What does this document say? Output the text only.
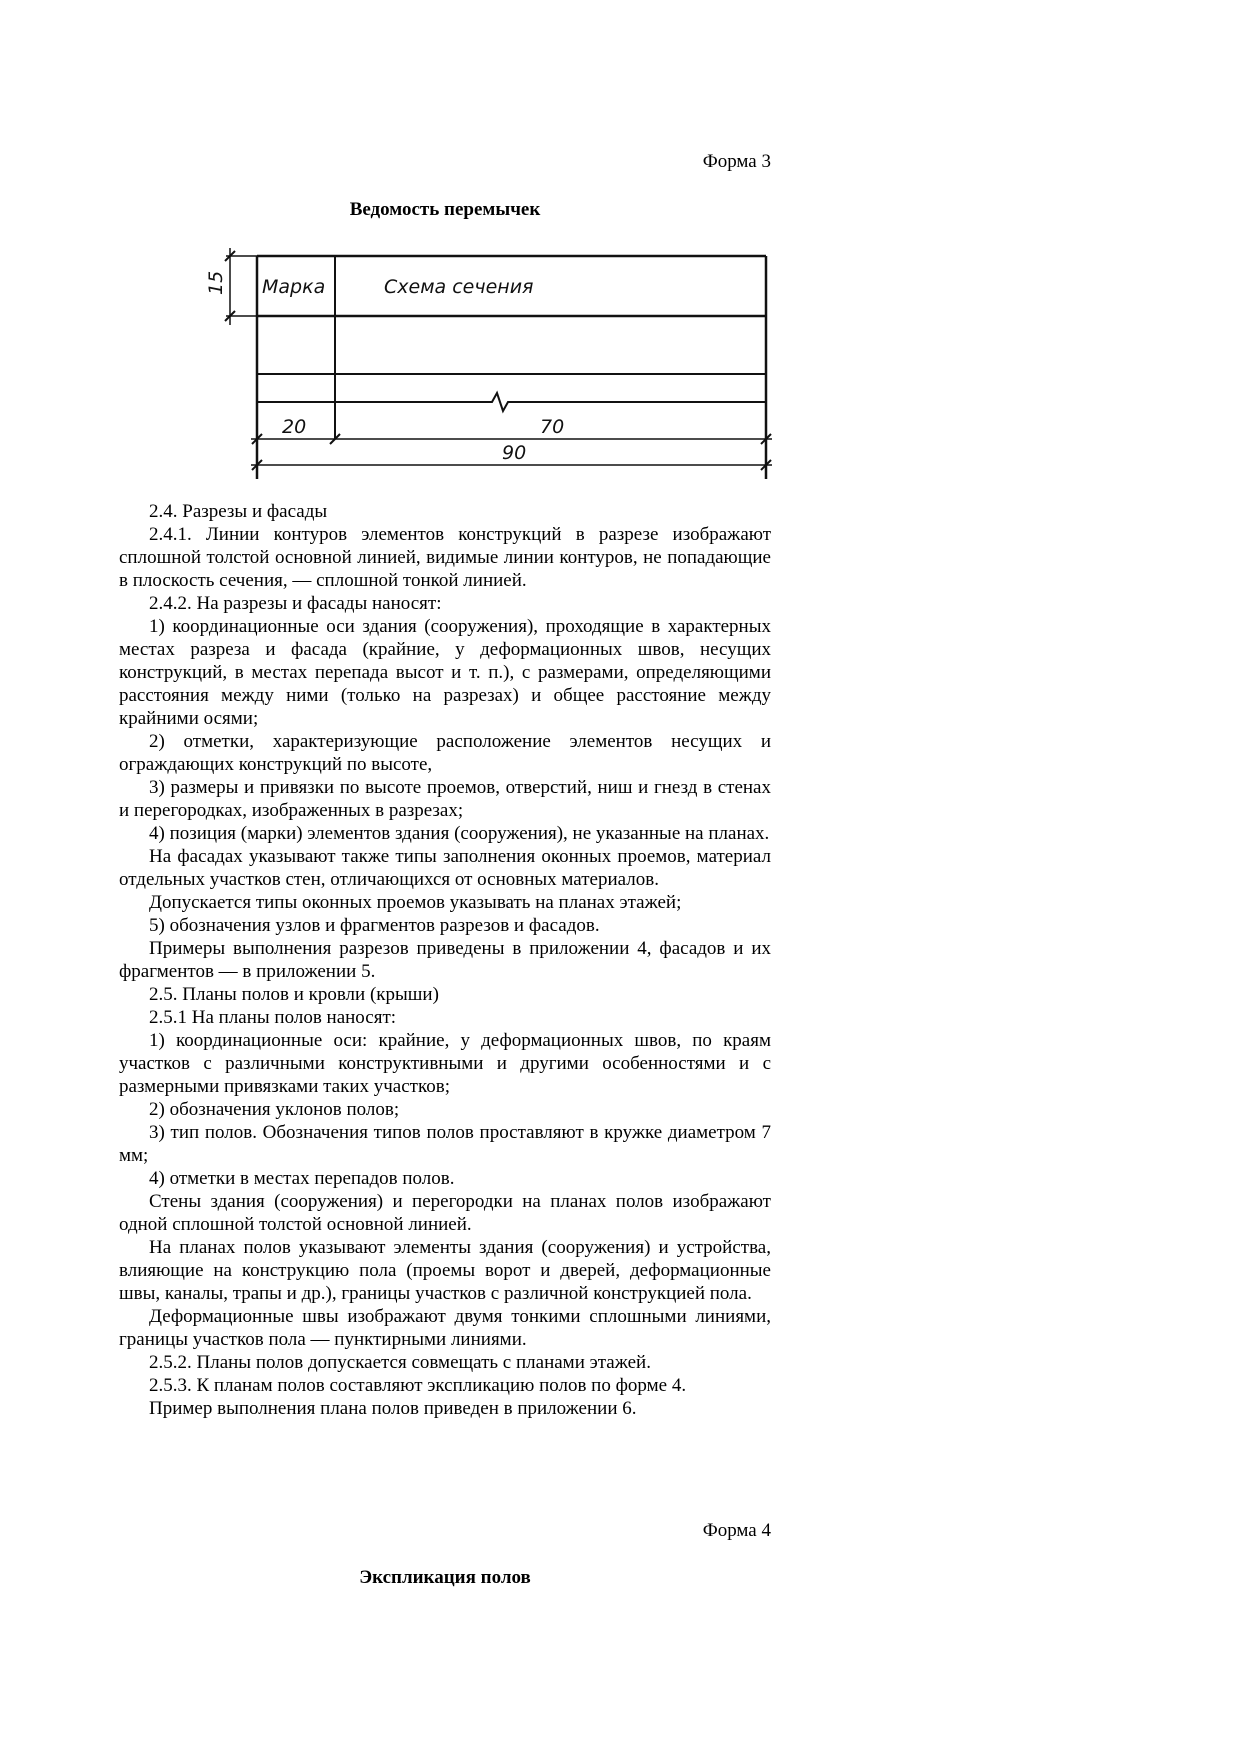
Форма 3
Ведомость перемычек
Марка	Схема сечения
15
20	70
90

2.4. Разрезы и фасады

2.4.1. Линии контуров элементов конструкций в разрезе изображают сплошной толстой основной линией, видимые линии контуров, не попадающие в плоскость сечения, — сплошной тонкой линией.

2.4.2. На разрезы и фасады наносят:

1) координационные оси здания (сооружения), проходящие в характерных местах разреза и фасада (крайние, у деформационных швов, несущих конструкций, в местах перепада высот и т. п.), с размерами, определяющими расстояния между ними (только на разрезах) и общее расстояние между крайними осями;

2) отметки, характеризующие расположение элементов несущих и ограждающих конструкций по высоте,

3) размеры и привязки по высоте проемов, отверстий, ниш и гнезд в стенах и перегородках, изображенных в разрезах;

4) позиция (марки) элементов здания (сооружения), не указанные на планах.

На фасадах указывают также типы заполнения оконных проемов, материал отдельных участков стен, отличающихся от основных материалов.

Допускается типы оконных проемов указывать на планах этажей;

5) обозначения узлов и фрагментов разрезов и фасадов.

Примеры выполнения разрезов приведены в приложении 4, фасадов и их фрагментов — в приложении 5.

2.5. Планы полов и кровли (крыши)

2.5.1 На планы полов наносят:

1) координационные оси: крайние, у деформационных швов, по краям участков с различными конструктивными и другими особенностями и с размерными привязками таких участков;

2) обозначения уклонов полов;

3) тип полов. Обозначения типов полов проставляют в кружке диаметром 7 мм;

4) отметки в местах перепадов полов.

Стены здания (сооружения) и перегородки на планах полов изображают одной сплошной толстой основной линией.

На планах полов указывают элементы здания (сооружения) и устройства, влияющие на конструкцию пола (проемы ворот и дверей, деформационные швы, каналы, трапы и др.), границы участков с различной конструкцией пола.

Деформационные швы изображают двумя тонкими сплошными линиями, границы участков пола — пунктирными линиями.

2.5.2. Планы полов допускается совмещать с планами этажей.

2.5.3. К планам полов составляют экспликацию полов по форме 4.

Пример выполнения плана полов приведен в приложении 6.

Форма 4
Экспликация полов
